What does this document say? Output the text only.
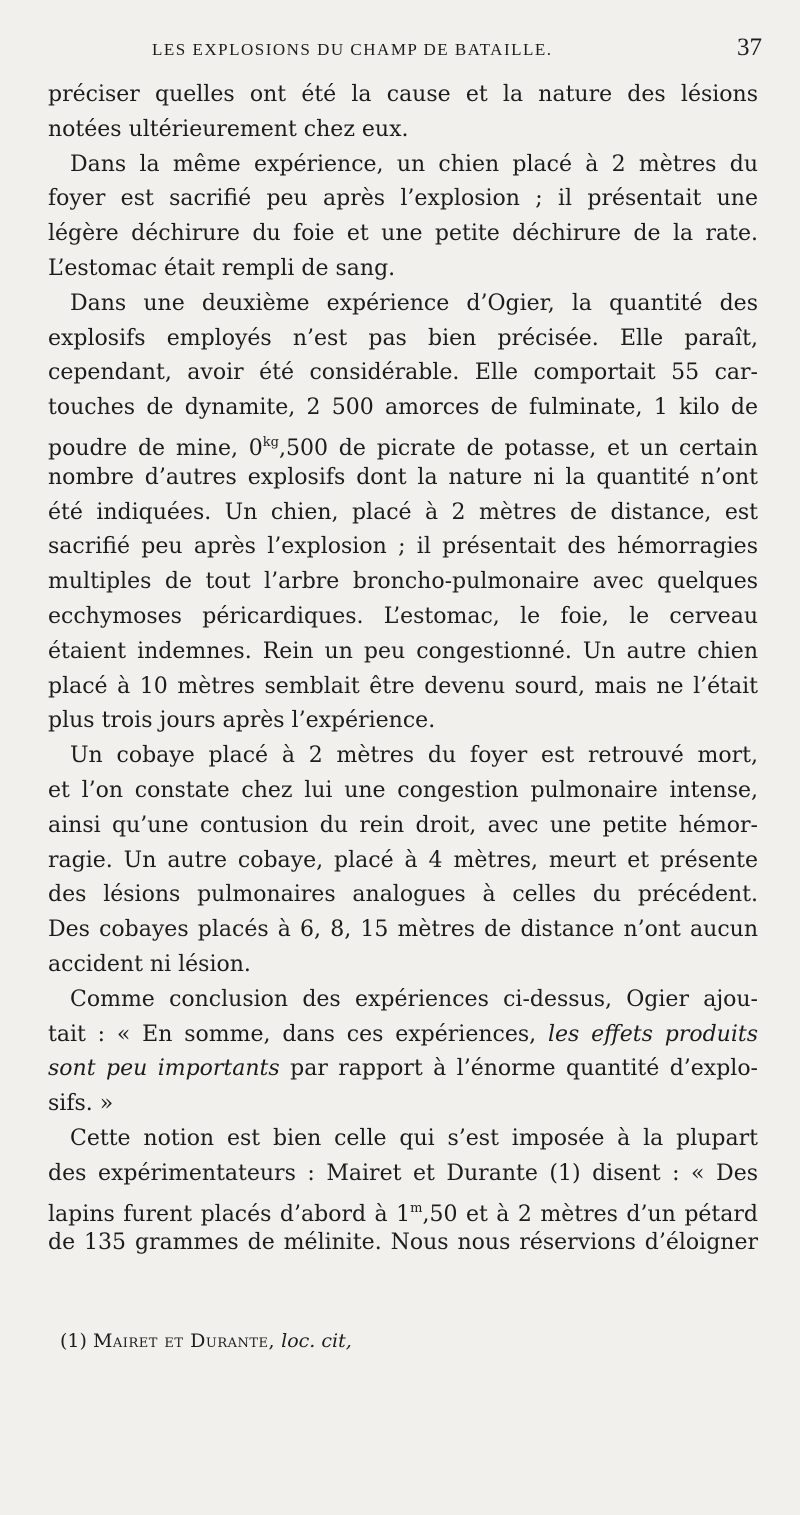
LES EXPLOSIONS DU CHAMP DE BATAILLE.	37
préciser quelles ont été la cause et la nature des lésions
notées ultérieurement chez eux.
Dans la même expérience, un chien placé à 2 mètres du
foyer est sacrifié peu après l’explosion ; il présentait une
légère déchirure du foie et une petite déchirure de la rate.
L’estomac était rempli de sang.
Dans une deuxième expérience d’Ogier, la quantité des
explosifs employés n’est pas bien précisée. Elle paraît,
cependant, avoir été considérable. Elle comportait 55 car-
touches de dynamite, 2 500 amorces de fulminate, 1 kilo de
poudre de mine, $0^{kg},500$ de picrate de potasse, et un certain
nombre d’autres explosifs dont la nature ni la quantité n’ont
été indiquées. Un chien, placé à 2 mètres de distance, est
sacrifié peu après l’explosion ; il présentait des hémorragies
multiples de tout l’arbre broncho-pulmonaire avec quelques
ecchymoses péricardiques. L’estomac, le foie, le cerveau
étaient indemnes. Rein un peu congestionné. Un autre chien
placé à 10 mètres semblait être devenu sourd, mais ne l’était
plus trois jours après l’expérience.
Un cobaye placé à 2 mètres du foyer est retrouvé mort,
et l’on constate chez lui une congestion pulmonaire intense,
ainsi qu’une contusion du rein droit, avec une petite hémor-
ragie. Un autre cobaye, placé à 4 mètres, meurt et présente
des lésions pulmonaires analogues à celles du précédent.
Des cobayes placés à 6, 8, 15 mètres de distance n’ont aucun
accident ni lésion.
Comme conclusion des expériences ci-dessus, Ogier ajou-
tait : « En somme, dans ces expériences, les effets produits
sont peu importants par rapport à l’énorme quantité d’explo-
sifs. »
Cette notion est bien celle qui s’est imposée à la plupart
des expérimentateurs : Mairet et Durante (1) disent : « Des
lapins furent placés d’abord à 1$^m$,50 et à 2 mètres d’un pétard
de 135 grammes de mélinite. Nous nous réservions d’éloigner
(1) Mairet et Durante, loc. cit,
